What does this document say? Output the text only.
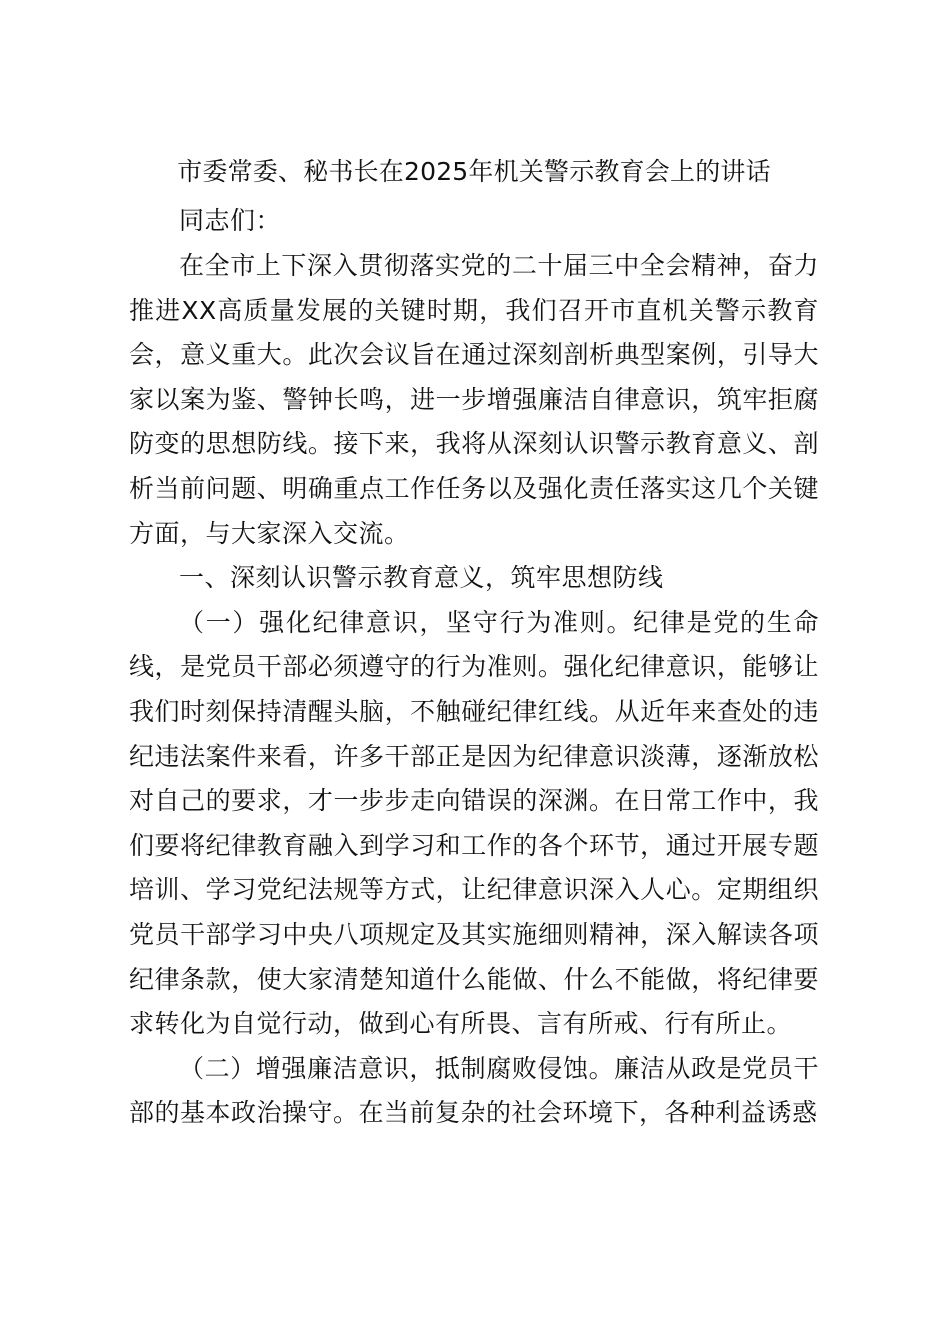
市委常委、秘书长在2025年机关警示教育会上的讲话

同志们：

在全市上下深入贯彻落实党的二十届三中全会精神，奋力推进XX高质量发展的关键时期，我们召开市直机关警示教育会，意义重大。此次会议旨在通过深刻剖析典型案例，引导大家以案为鉴、警钟长鸣，进一步增强廉洁自律意识，筑牢拒腐防变的思想防线。接下来，我将从深刻认识警示教育意义、剖析当前问题、明确重点工作任务以及强化责任落实这几个关键方面，与大家深入交流。

一、深刻认识警示教育意义，筑牢思想防线

（一）强化纪律意识，坚守行为准则。纪律是党的生命线，是党员干部必须遵守的行为准则。强化纪律意识，能够让我们时刻保持清醒头脑，不触碰纪律红线。从近年来查处的违纪违法案件来看，许多干部正是因为纪律意识淡薄，逐渐放松对自己的要求，才一步步走向错误的深渊。在日常工作中，我们要将纪律教育融入到学习和工作的各个环节，通过开展专题培训、学习党纪法规等方式，让纪律意识深入人心。定期组织党员干部学习中央八项规定及其实施细则精神，深入解读各项纪律条款，使大家清楚知道什么能做、什么不能做，将纪律要求转化为自觉行动，做到心有所畏、言有所戒、行有所止。

（二）增强廉洁意识，抵制腐败侵蚀。廉洁从政是党员干部的基本政治操守。在当前复杂的社会环境下，各种利益诱惑
